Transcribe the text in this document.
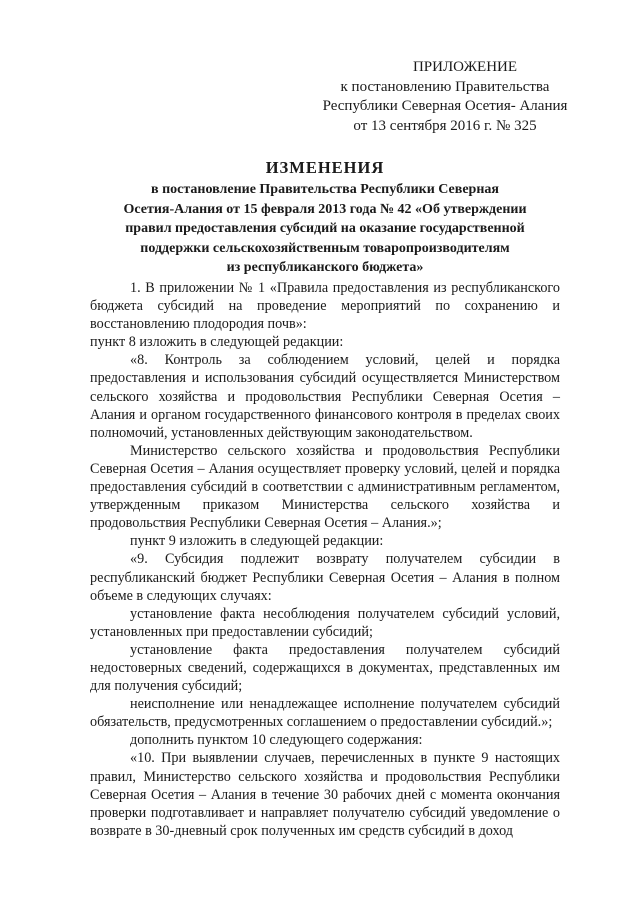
ПРИЛОЖЕНИЕ
к постановлению Правительства
Республики Северная Осетия- Алания
от 13 сентября 2016 г. № 325
ИЗМЕНЕНИЯ
в постановление Правительства Республики Северная
Осетия-Алания от 15 февраля 2013 года № 42 «Об утверждении
правил предоставления субсидий на оказание государственной
поддержки сельскохозяйственным товаропроизводителям
из республиканского бюджета»

1. В приложении № 1 «Правила предоставления из республиканского бюджета субсидий на проведение мероприятий по сохранению и восстановлению плодородия почв»:

пункт 8 изложить в следующей редакции:

«8. Контроль за соблюдением условий, целей и порядка предоставления и использования субсидий осуществляется Министерством сельского хозяйства и продовольствия Республики Северная Осетия – Алания и органом государственного финансового контроля в пределах своих полномочий, установленных действующим законодательством.

Министерство сельского хозяйства и продовольствия Республики Северная Осетия – Алания осуществляет проверку условий, целей и порядка предоставления субсидий в соответствии с административным регламентом, утвержденным приказом Министерства сельского хозяйства и продовольствия Республики Северная Осетия – Алания.»;

пункт 9 изложить в следующей редакции:

«9. Субсидия подлежит возврату получателем субсидии в республиканский бюджет Республики Северная Осетия – Алания в полном объеме в следующих случаях:

установление факта несоблюдения получателем субсидий условий, установленных при предоставлении субсидий;

установление факта предоставления получателем субсидий недостоверных сведений, содержащихся в документах, представленных им для получения субсидий;

неисполнение или ненадлежащее исполнение получателем субсидий обязательств, предусмотренных соглашением о предоставлении субсидий.»;

дополнить пунктом 10 следующего содержания:

«10. При выявлении случаев, перечисленных в пункте 9 настоящих правил, Министерство сельского хозяйства и продовольствия Республики Северная Осетия – Алания в течение 30 рабочих дней с момента окончания проверки подготавливает и направляет получателю субсидий уведомление о возврате в 30-дневный срок полученных им средств субсидий в доход
